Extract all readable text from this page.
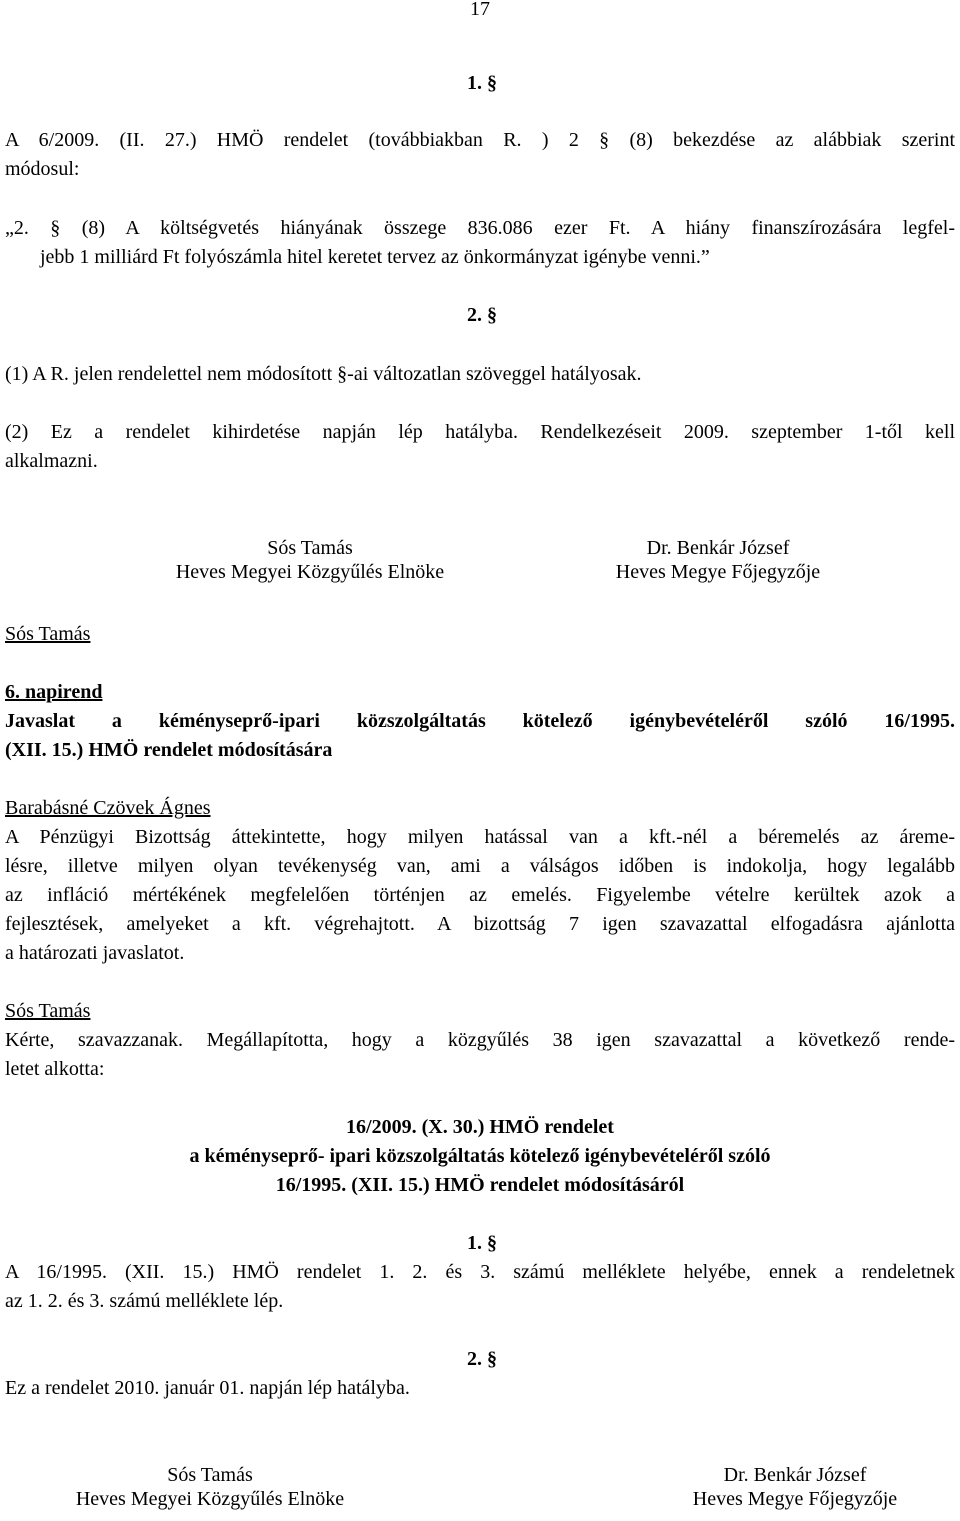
17
1. §
A 6/2009. (II. 27.) HMÖ rendelet (továbbiakban R. ) 2 § (8) bekezdése az alábbiak szerint
módosul:
„2. § (8) A költségvetés hiányának összege 836.086 ezer Ft. A hiány finanszírozására legfel-
jebb 1 milliárd Ft folyószámla hitel keretet tervez az önkormányzat igénybe venni.”
2. §
(1) A R. jelen rendelettel nem módosított §-ai változatlan szöveggel hatályosak.
(2) Ez a rendelet kihirdetése napján lép hatályba. Rendelkezéseit 2009. szeptember 1-től kell
alkalmazni.
Sós Tamás
Heves Megyei Közgyűlés Elnöke
Dr. Benkár József
Heves Megye Főjegyzője
Sós Tamás
6. napirend
Javaslat a kéményseprő-ipari közszolgáltatás kötelező igénybevételéről szóló 16/1995.
(XII. 15.) HMÖ rendelet módosítására
Barabásné Czövek Ágnes
A Pénzügyi Bizottság áttekintette, hogy milyen hatással van a kft.-nél a béremelés az áreme-
lésre, illetve milyen olyan tevékenység van, ami a válságos időben is indokolja, hogy legalább
az infláció mértékének megfelelően történjen az emelés. Figyelembe vételre kerültek azok a
fejlesztések, amelyeket a kft. végrehajtott. A bizottság 7 igen szavazattal elfogadásra ajánlotta
a határozati javaslatot.
Sós Tamás
Kérte, szavazzanak. Megállapította, hogy a közgyűlés 38 igen szavazattal a következő rende-
letet alkotta:
16/2009. (X. 30.) HMÖ rendelet
a kéményseprő- ipari közszolgáltatás kötelező igénybevételéről szóló
16/1995. (XII. 15.) HMÖ rendelet módosításáról
1. §
A 16/1995. (XII. 15.) HMÖ rendelet 1. 2. és 3. számú melléklete helyébe, ennek a rendeletnek
az 1. 2. és 3. számú melléklete lép.
2. §
Ez a rendelet 2010. január 01. napján lép hatályba.
Sós Tamás
Heves Megyei Közgyűlés Elnöke
Dr. Benkár József
Heves Megye Főjegyzője
